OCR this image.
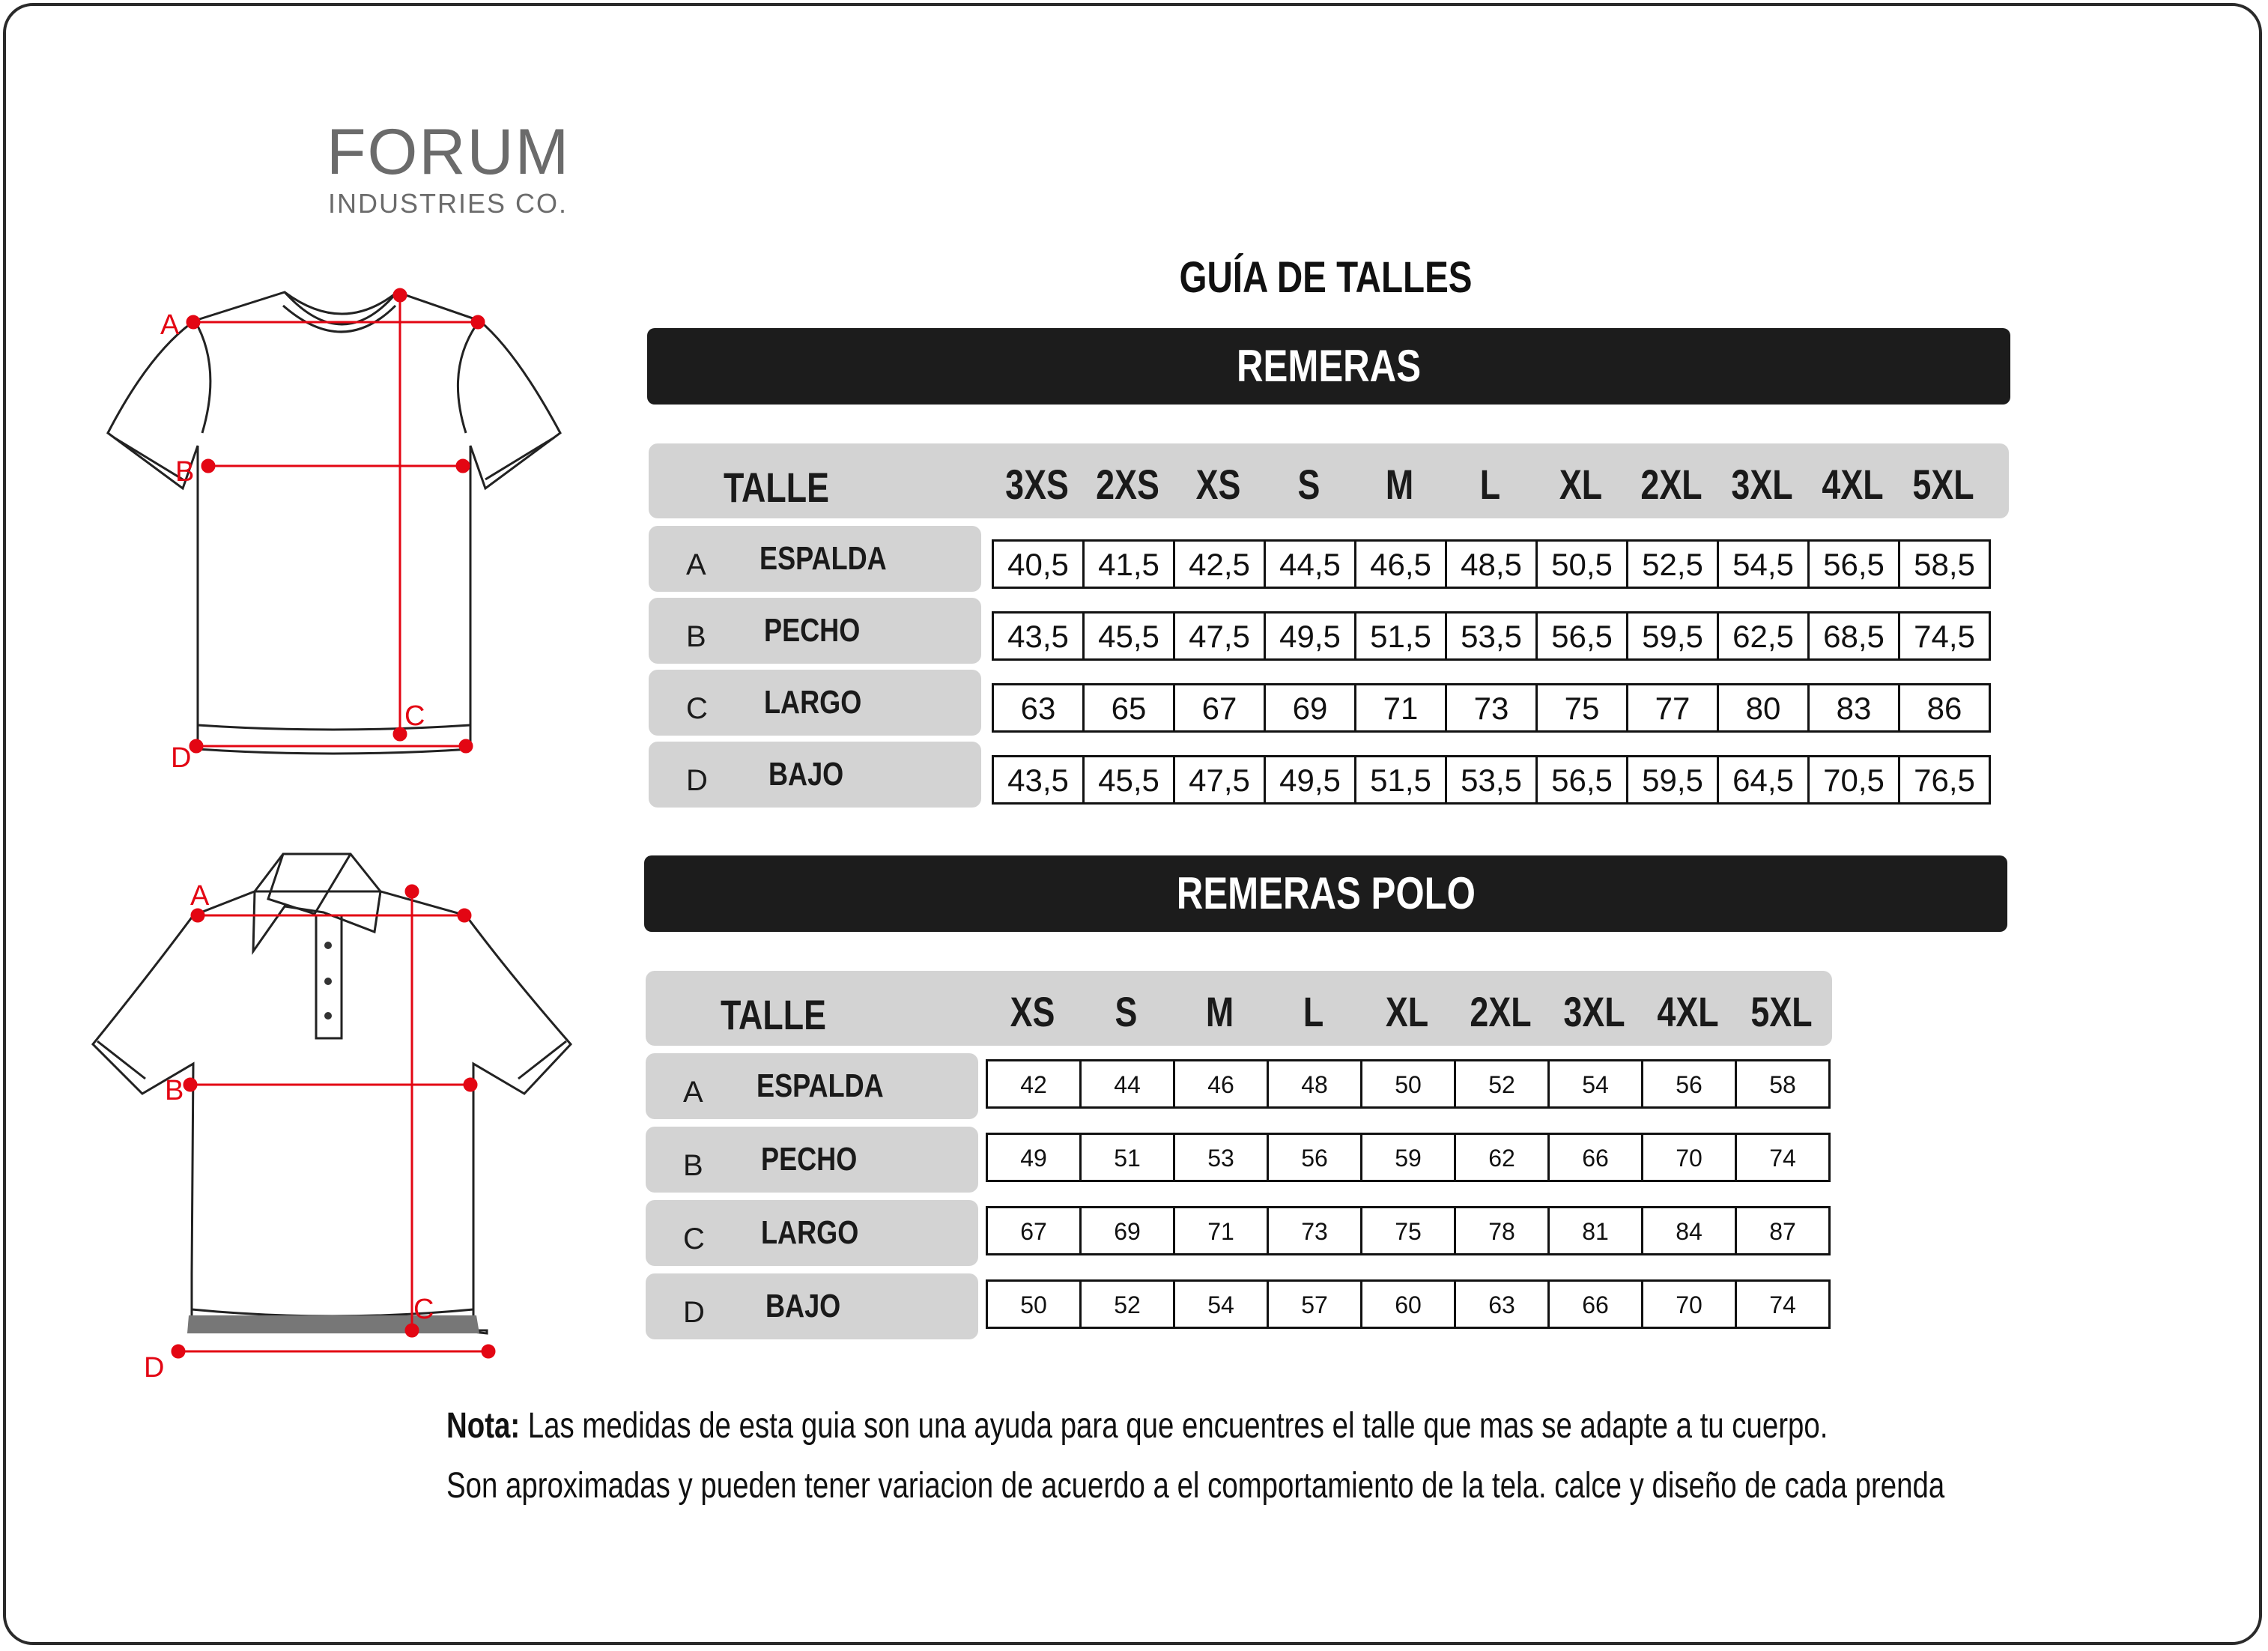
FORUM
INDUSTRIES CO.
GUÍA DE TALLES
A
B
C
D
A
B
C
D
REMERAS
TALLE	3XS 2XS XS	S	M	L	XL 2XL 3XL 4XL 5XL
A ESPALDA	40,5 41,5 42,5 44,5 46,5 48,5 50,5 52,5 54,5 56,5 58,5
B PECHO	43,5 45,5 47,5 49,5 51,5 53,5 56,5 59,5 62,5 68,5 74,5
C LARGO	63	65	67	69	71	73	75	77	80	83	86
D BAJO	43,5 45,5 47,5 49,5 51,5 53,5 56,5 59,5 64,5 70,5 76,5
REMERAS POLO
TALLE	XS	S	M	L	XL 2XL 3XL 4XL 5XL
A ESPALDA	42	44	46	48	50	52	54	56	58
B PECHO	49	51	53	56	59	62	66	70	74
C LARGO	67	69	71	73	75	78	81	84	87
D BAJO	50	52	54	57	60	63	66	70	74
Nota: Las medidas de esta guia son una ayuda para que encuentres el talle que mas se adapte a tu cuerpo.
Son aproximadas y pueden tener variacion de acuerdo a el comportamiento de la tela. calce y diseño de cada prenda
